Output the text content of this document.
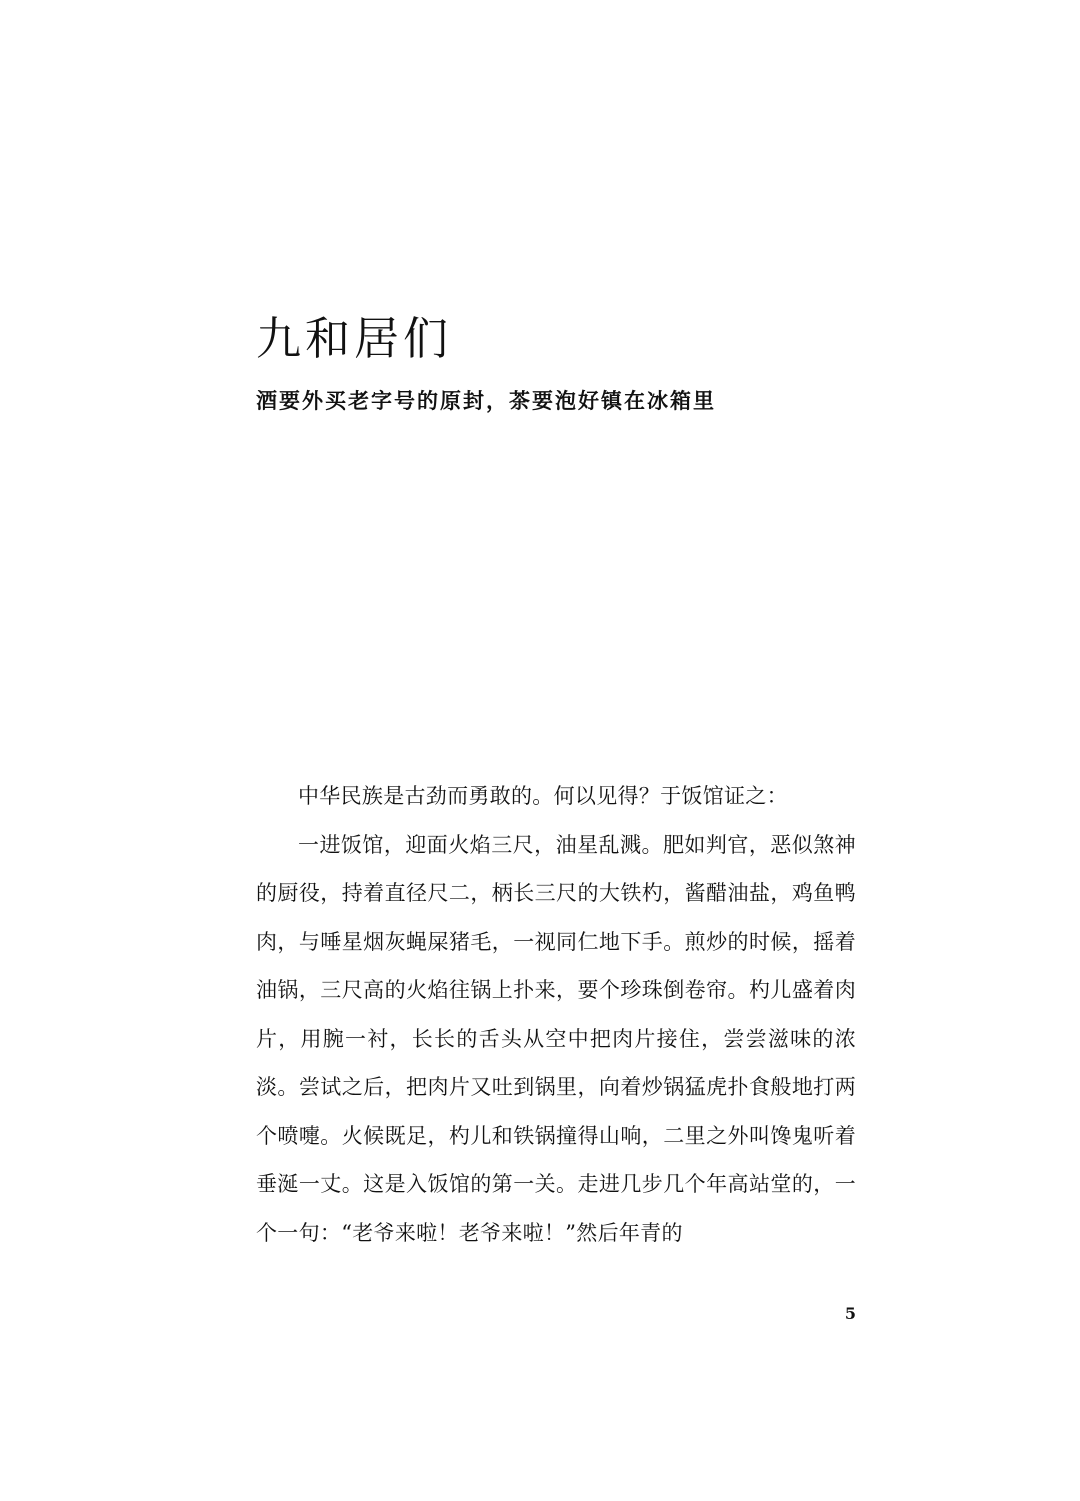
九和居们
酒要外买老字号的原封，茶要泡好镇在冰箱里

中华民族是古劲而勇敢的。何以见得？于饭馆证之：

一进饭馆，迎面火焰三尺，油星乱溅。肥如判官，恶似煞神的厨役，持着直径尺二，柄长三尺的大铁杓，酱醋油盐，鸡鱼鸭肉，与唾星烟灰蝇屎猪毛，一视同仁地下手。煎炒的时候，摇着油锅，三尺高的火焰往锅上扑来，要个珍珠倒卷帘。杓儿盛着肉片，用腕一衬，长长的舌头从空中把肉片接住，尝尝滋味的浓淡。尝试之后，把肉片又吐到锅里，向着炒锅猛虎扑食般地打两个喷嚏。火候既足，杓儿和铁锅撞得山响，二里之外叫馋鬼听着垂涎一丈。这是入饭馆的第一关。走进几步几个年高站堂的，一个一句：“老爷来啦！老爷来啦！”然后年青的

5
